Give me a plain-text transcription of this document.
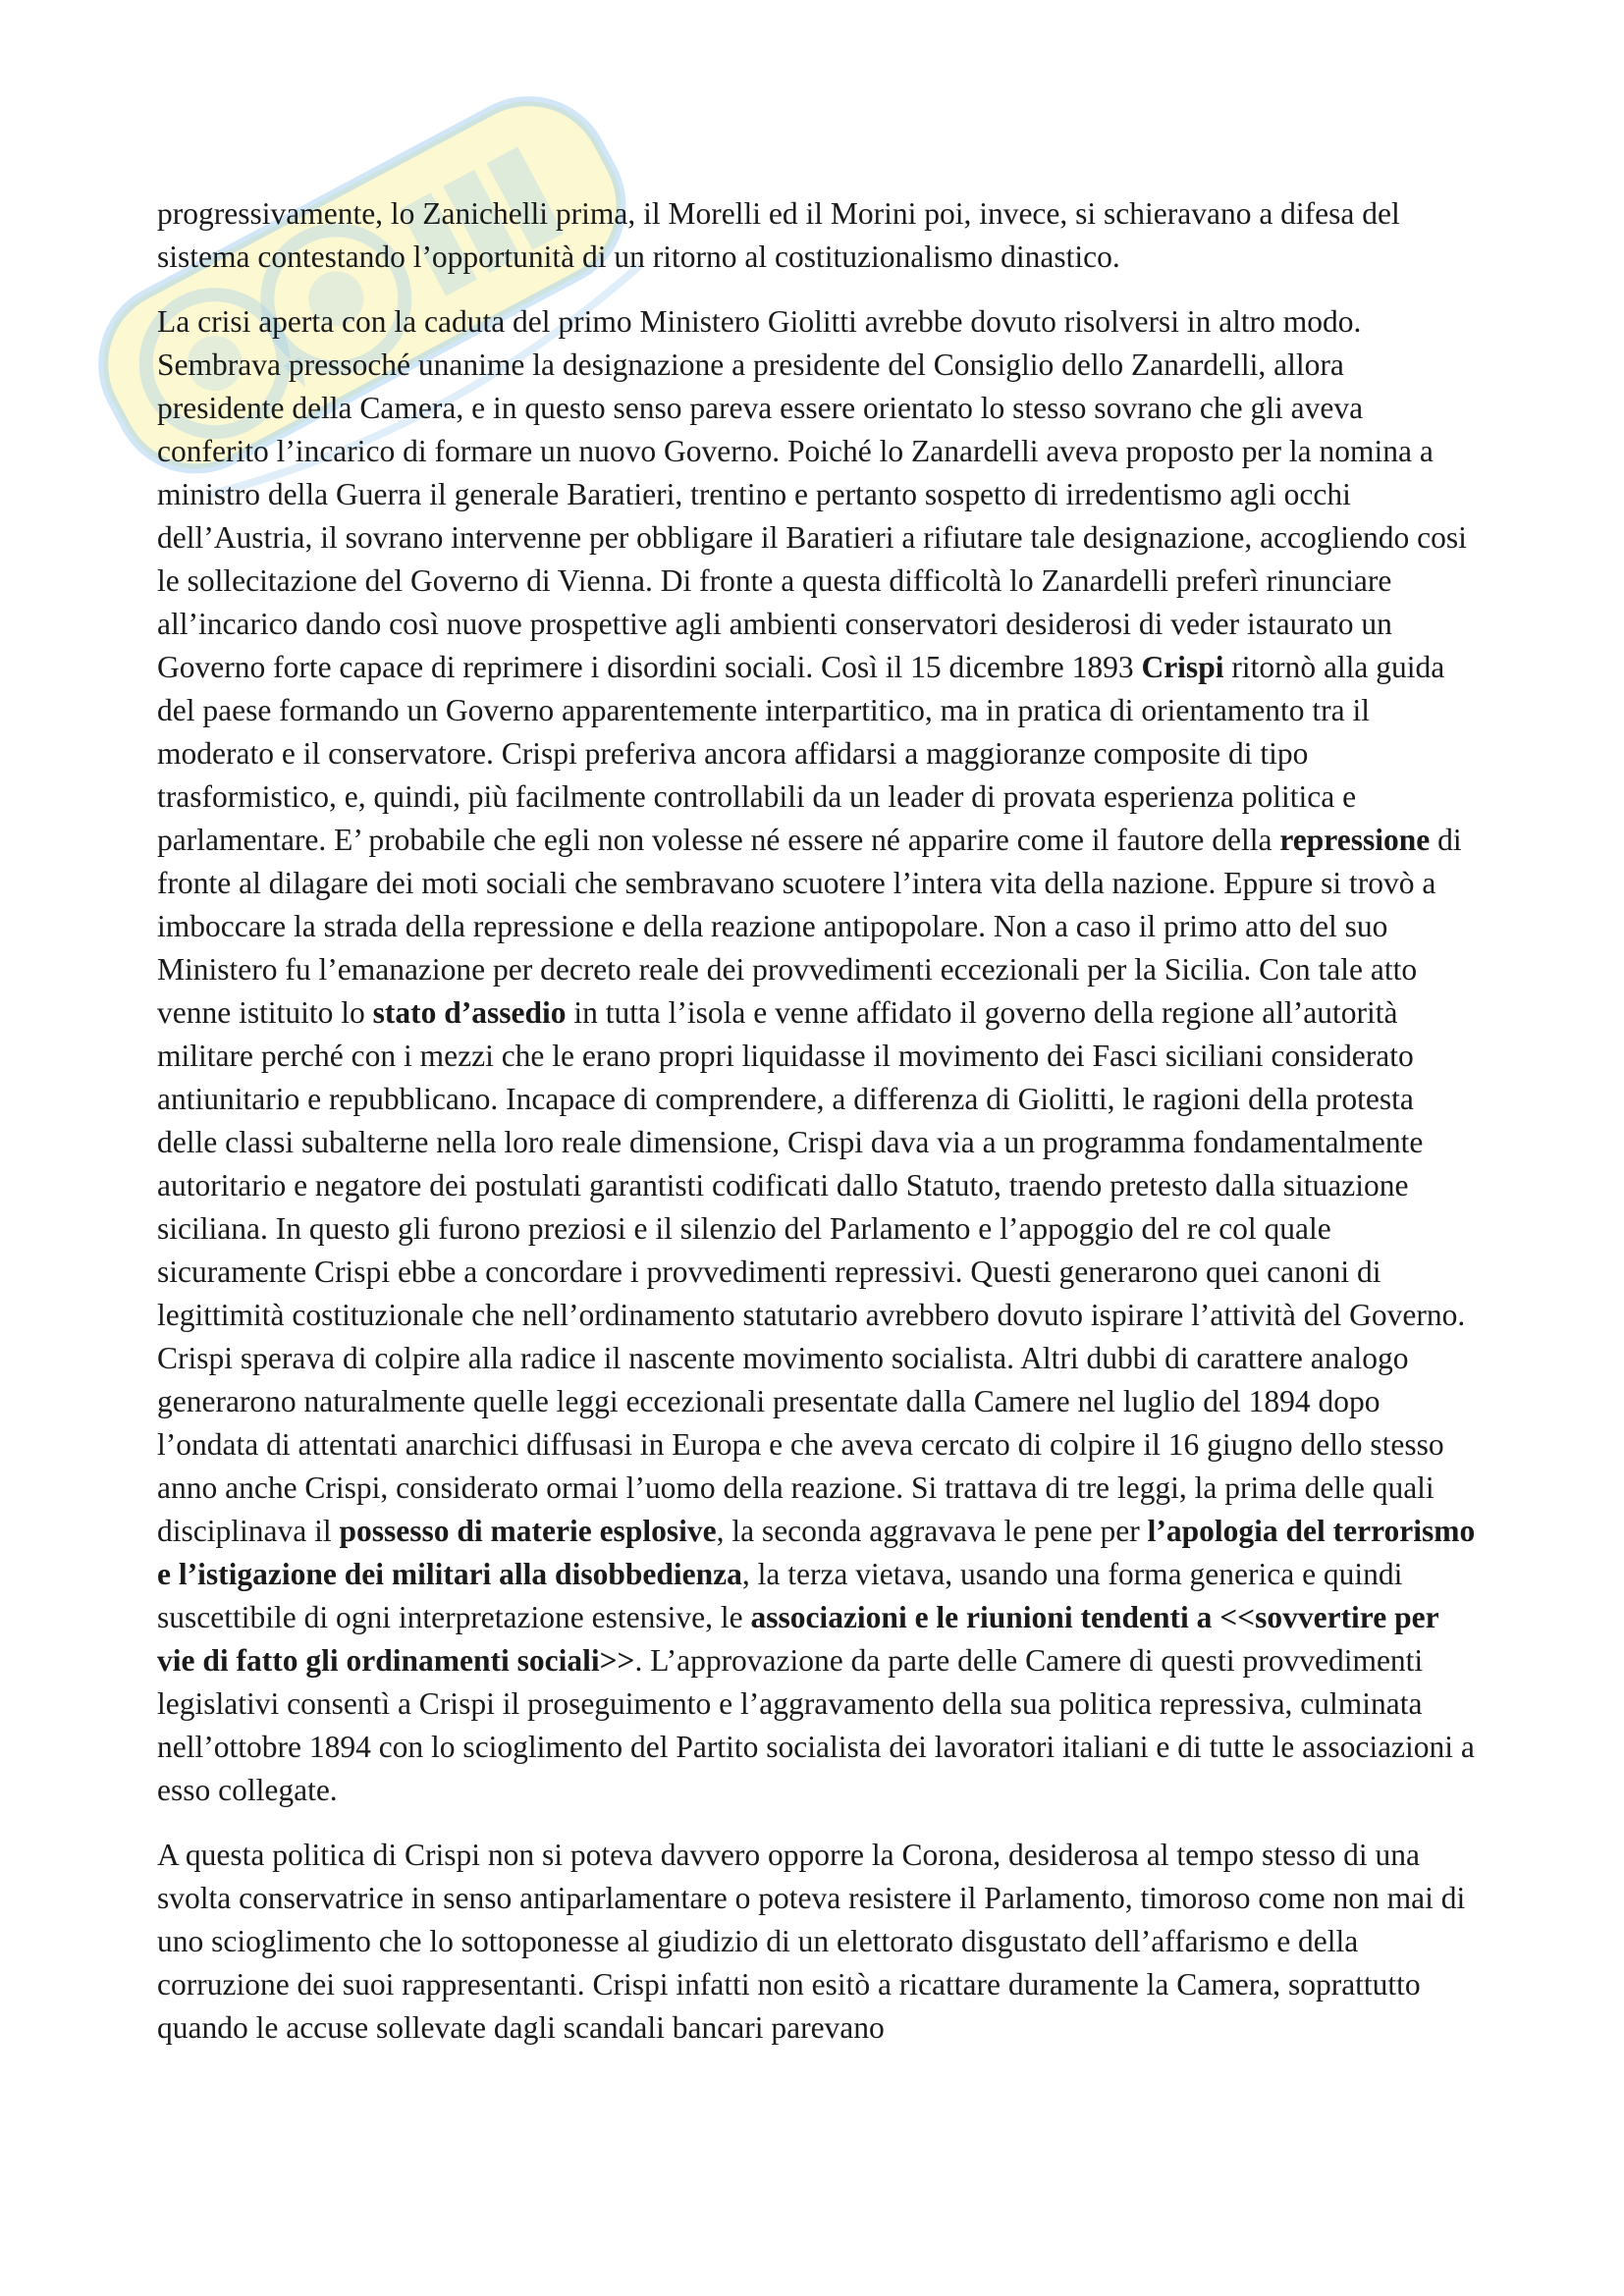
progressivamente, lo Zanichelli prima, il Morelli ed il Morini poi, invece, si schieravano a difesa del sistema contestando l’opportunità di un ritorno al costituzionalismo dinastico.

La crisi aperta con la caduta del primo Ministero Giolitti avrebbe dovuto risolversi in altro modo. Sembrava pressoché unanime la designazione a presidente del Consiglio dello Zanardelli, allora presidente della Camera, e in questo senso pareva essere orientato lo stesso sovrano che gli aveva conferito l’incarico di formare un nuovo Governo. Poiché lo Zanardelli aveva proposto per la nomina a ministro della Guerra il generale Baratieri, trentino e pertanto sospetto di irredentismo agli occhi dell’Austria, il sovrano intervenne per obbligare il Baratieri a rifiutare tale designazione, accogliendo cosi le sollecitazione del Governo di Vienna. Di fronte a questa difficoltà lo Zanardelli preferì rinunciare all’incarico dando così nuove prospettive agli ambienti conservatori desiderosi di veder istaurato un Governo forte capace di reprimere i disordini sociali. Così il 15 dicembre 1893 Crispi ritornò alla guida del paese formando un Governo apparentemente interpartitico, ma in pratica di orientamento tra il moderato e il conservatore. Crispi preferiva ancora affidarsi a maggioranze composite di tipo trasformistico, e, quindi, più facilmente controllabili da un leader di provata esperienza politica e parlamentare. E’ probabile che egli non volesse né essere né apparire come il fautore della repressione di fronte al dilagare dei moti sociali che sembravano scuotere l’intera vita della nazione. Eppure si trovò a imboccare la strada della repressione e della reazione antipopolare. Non a caso il primo atto del suo Ministero fu l’emanazione per decreto reale dei provvedimenti eccezionali per la Sicilia. Con tale atto venne istituito lo stato d’assedio in tutta l’isola e venne affidato il governo della regione all’autorità militare perché con i mezzi che le erano propri liquidasse il movimento dei Fasci siciliani considerato antiunitario e repubblicano. Incapace di comprendere, a differenza di Giolitti, le ragioni della protesta delle classi subalterne nella loro reale dimensione, Crispi dava via a un programma fondamentalmente autoritario e negatore dei postulati garantisti codificati dallo Statuto, traendo pretesto dalla situazione siciliana. In questo gli furono preziosi e il silenzio del Parlamento e l’appoggio del re col quale sicuramente Crispi ebbe a concordare i provvedimenti repressivi. Questi generarono quei canoni di legittimità costituzionale che nell’ordinamento statutario avrebbero dovuto ispirare l’attività del Governo. Crispi sperava di colpire alla radice il nascente movimento socialista. Altri dubbi di carattere analogo generarono naturalmente quelle leggi eccezionali presentate dalla Camere nel luglio del 1894 dopo l’ondata di attentati anarchici diffusasi in Europa e che aveva cercato di colpire il 16 giugno dello stesso anno anche Crispi, considerato ormai l’uomo della reazione. Si trattava di tre leggi, la prima delle quali disciplinava il possesso di materie esplosive, la seconda aggravava le pene per l’apologia del terrorismo e l’istigazione dei militari alla disobbedienza, la terza vietava, usando una forma generica e quindi suscettibile di ogni interpretazione estensive, le associazioni e le riunioni tendenti a <<sovvertire per vie di fatto gli ordinamenti sociali>>. L’approvazione da parte delle Camere di questi provvedimenti legislativi consentì a Crispi il proseguimento e l’aggravamento della sua politica repressiva, culminata nell’ottobre 1894 con lo scioglimento del Partito socialista dei lavoratori italiani e di tutte le associazioni a esso collegate.

A questa politica di Crispi non si poteva davvero opporre la Corona, desiderosa al tempo stesso di una svolta conservatrice in senso antiparlamentare o poteva resistere il Parlamento, timoroso come non mai di uno scioglimento che lo sottoponesse al giudizio di un elettorato disgustato dell’affarismo e della corruzione dei suoi rappresentanti. Crispi infatti non esitò a ricattare duramente la Camera, soprattutto quando le accuse sollevate dagli scandali bancari parevano
